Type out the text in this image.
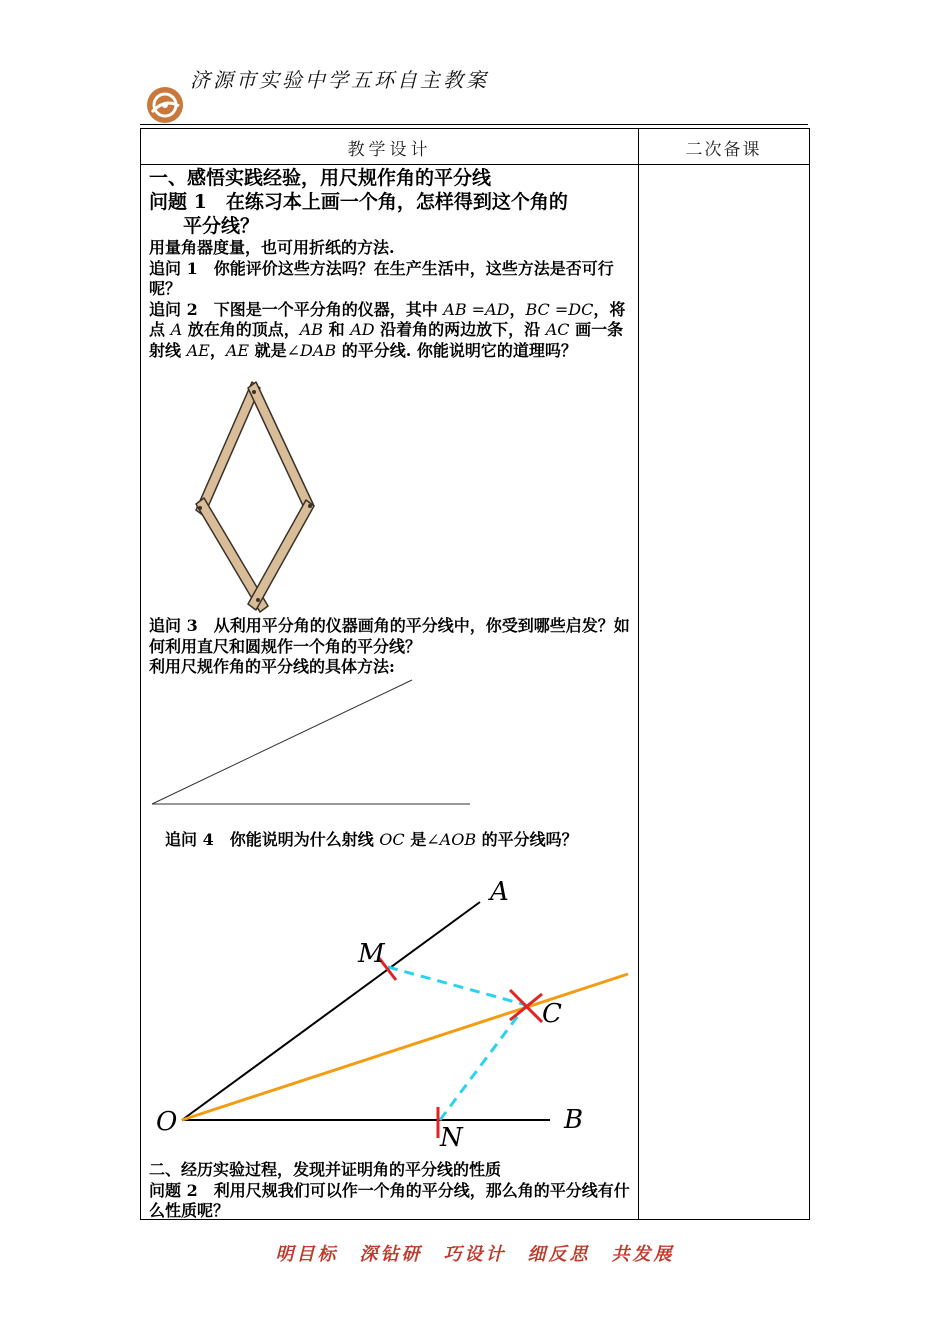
济源市实验中学五环自主教案
教学设计	二次备课

一、感悟实践经验，用尺规作角的平分线

问题 1　 在练习本上画一个角，怎样得到这个角的

平分线？

用量角器度量，也可用折纸的方法.

追问 1　你能评价这些方法吗？在生产生活中，这些方法是否可行呢？

追问 2　下图是一个平分角的仪器，其中 AB =AD，BC =DC，将点 A 放在角的顶点，AB 和 AD 沿着角的两边放下，沿 AC 画一条射线 AE，AE 就是∠DAB 的平分线. 你能说明它的道理吗？

追问 3　从利用平分角的仪器画角的平分线中，你受到哪些启发？如何利用直尺和圆规作一个角的平分线？

利用尺规作角的平分线的具体方法:

　追问 4　你能说明为什么射线 OC 是∠AOB 的平分线吗？

A
M
C
O	B
N

二、经历实验过程，发现并证明角的平分线的性质

问题 2　利用尺规我们可以作一个角的平分线，那么角的平分线有什么性质呢？

明目标　深钻研　巧设计　细反思　共发展
